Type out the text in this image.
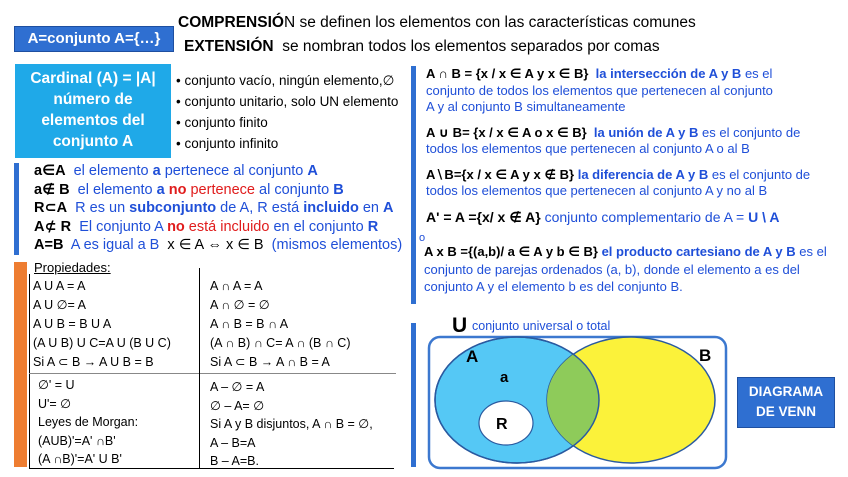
A=conjunto A={…}
COMPRENSIÓN se definen los elementos con las características comunes
EXTENSIÓN se nombran todos los elementos separados por comas
Cardinal (A) = |A|
número de
elementos del
conjunto A
• conjunto vacío, ningún elemento,∅
• conjunto unitario, solo UN elemento
• conjunto finito
• conjunto infinito
a∈A el elemento a pertenece al conjunto A
a∉ B el elemento a no pertenece al conjunto B
R⊂A R es un subconjunto de A, R está incluido en A
A⊄ R El conjunto A no está incluido en el conjunto R
A=B A es igual a B x ∈ A ⇔ x ∈ B (mismos elementos)
Propiedades:
A U A = A
A U ∅= A
A U B = B U A
(A U B) U C=A U (B U C)
Si A ⊂ B → A U B = B
A ∩ A = A
A ∩ ∅ = ∅
A ∩ B = B ∩ A
(A ∩ B) ∩ C= A ∩ (B ∩ C)
Si A ⊂ B → A ∩ B = A
∅' = U
U'= ∅
Leyes de Morgan:
(AUB)'=A' ∩B'
(A ∩B)'=A' U B'
A – ∅ = A
∅ – A= ∅
Si A y B disjuntos, A ∩ B = ∅,
A – B=A
B – A=B.
A ∩ B = {x / x ∈ A y x ∈ B} la intersección de A y B es el
conjunto de todos los elementos que pertenecen al conjunto
A y al conjunto B simultaneamente
A ∪ B= {x / x ∈ A o x ∈ B} la unión de A y B es el conjunto de
todos los elementos que pertenecen al conjunto A o al B
A∖B={x / x ∈ A y x ∉ B} la diferencia de A y B es el conjunto de
todos los elementos que pertenecen al conjunto A y no al B
A' = A ={x/ x ∉ A} conjunto complementario de A = U \ A
o
A x B ={(a,b)/ a ∈ A y b ∈ B} el producto cartesiano de A y B es el
conjunto de parejas ordenados (a, b), donde el elemento a es del
conjunto A y el elemento b es del conjunto B.
U conjunto universal o total
A	B
a
R
DIAGRAMA
DE VENN
